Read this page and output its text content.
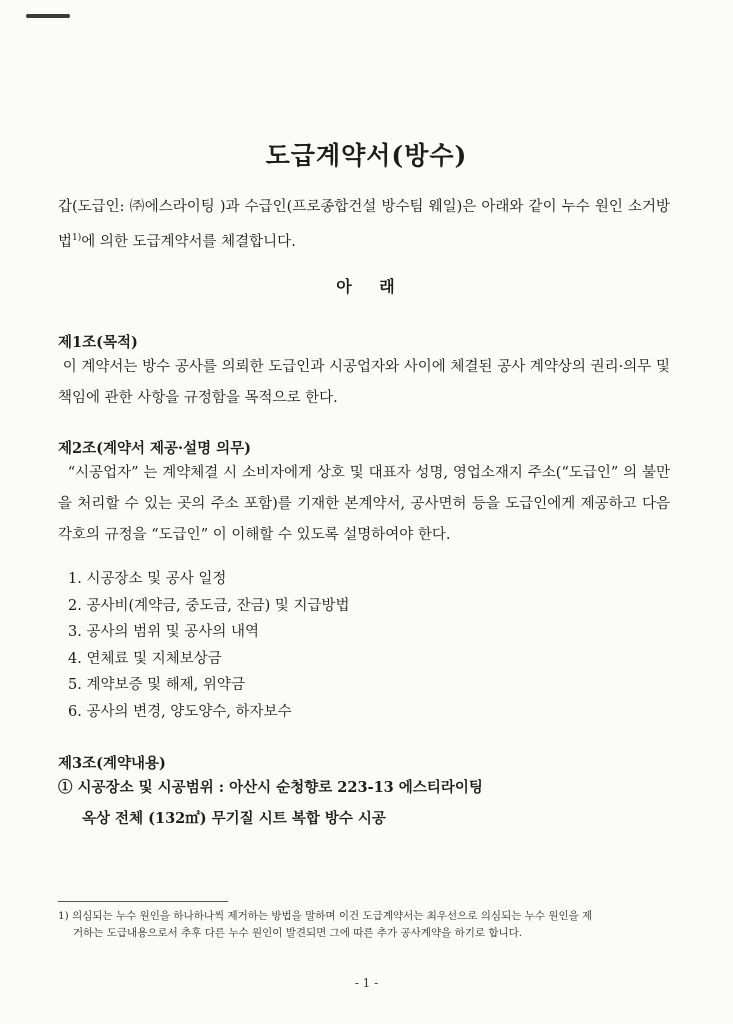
도급계약서(방수)
갑(도급인: ㈜에스라이팅 )과 수급인(프로종합건설 방수팀 웨일)은 아래와 같이 누수 원인 소거방법$^{1)}$에 의한 도급계약서를 체결합니다.
아 래
제1조(목적)
이 계약서는 방수 공사를 의뢰한 도급인과 시공업자와 사이에 체결된 공사 계약상의 권리·의무 및 책임에 관한 사항을 규정함을 목적으로 한다.
제2조(계약서 제공·설명 의무)
“시공업자” 는 계약체결 시 소비자에게 상호 및 대표자 성명, 영업소재지 주소(“도급인” 의 불만을 처리할 수 있는 곳의 주소 포함)를 기재한 본계약서, 공사면허 등을 도급인에게 제공하고 다음 각호의 규정을 “도급인” 이 이해할 수 있도록 설명하여야 한다.
1. 시공장소 및 공사 일정
2. 공사비(계약금, 중도금, 잔금) 및 지급방법
3. 공사의 범위 및 공사의 내역
4. 연체료 및 지체보상금
5. 계약보증 및 해제, 위약금
6. 공사의 변경, 양도양수, 하자보수
제3조(계약내용)
① 시공장소 및 시공범위 : 아산시 순청향로 223-13 에스티라이팅
옥상 전체 (132㎡) 무기질 시트 복합 방수 시공
1) 의심되는 누수 원인을 하나하나씩 제거하는 방법을 말하며 이건 도급계약서는 최우선으로 의심되는 누수 원인을 제
거하는 도급내용으로서 추후 다른 누수 원인이 발견되면 그에 따른 추가 공사계약을 하기로 합니다.
- 1 -
